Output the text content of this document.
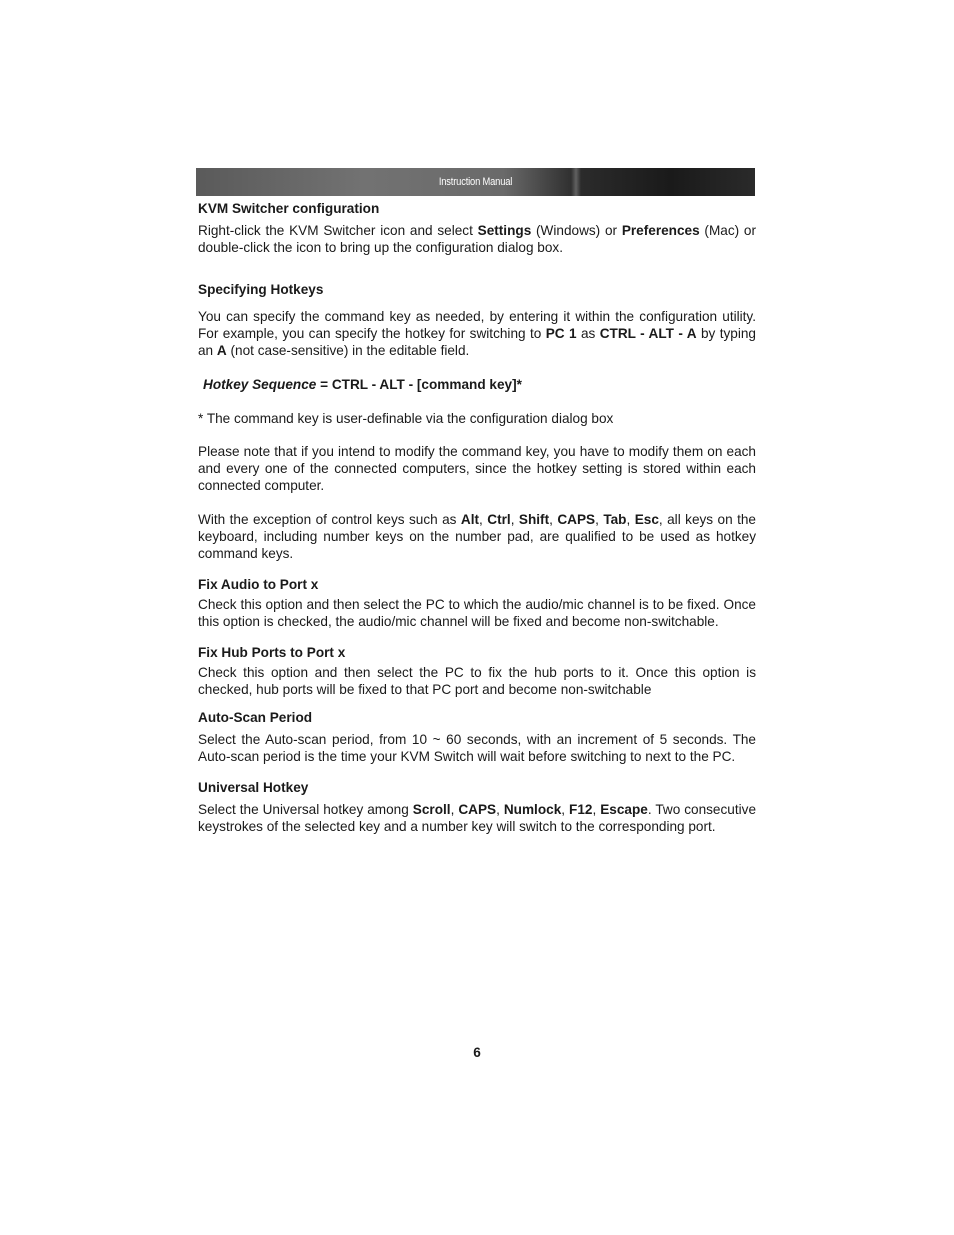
Instruction Manual
KVM Switcher configuration

Right-click the KVM Switcher icon and select Settings (Windows) or Preferences (Mac) or double-click the icon to bring up the configuration dialog box.

Specifying Hotkeys

You can specify the command key as needed, by entering it within the configuration utility. For example, you can specify the hotkey for switching to PC 1 as CTRL - ALT - A by typing an A (not case-sensitive) in the editable field.

Hotkey Sequence = CTRL - ALT - [command key]*

* The command key is user-definable via the configuration dialog box

Please note that if you intend to modify the command key, you have to modify them on each and every one of the connected computers, since the hotkey setting is stored within each connected computer.

With the exception of control keys such as Alt, Ctrl, Shift, CAPS, Tab, Esc, all keys on the keyboard, including number keys on the number pad, are qualified to be used as hotkey command keys.

Fix Audio to Port x

Check this option and then select the PC to which the audio/mic channel is to be fixed. Once this option is checked, the audio/mic channel will be fixed and become non-switchable.

Fix Hub Ports to Port x

Check this option and then select the PC to fix the hub ports to it. Once this option is checked, hub ports will be fixed to that PC port and become non-switchable

Auto-Scan Period

Select the Auto-scan period, from 10 ~ 60 seconds, with an increment of 5 seconds. The Auto-scan period is the time your KVM Switch will wait before switching to next to the PC.

Universal Hotkey

Select the Universal hotkey among Scroll, CAPS, Numlock, F12, Escape. Two consecutive keystrokes of the selected key and a number key will switch to the corresponding port.

6
